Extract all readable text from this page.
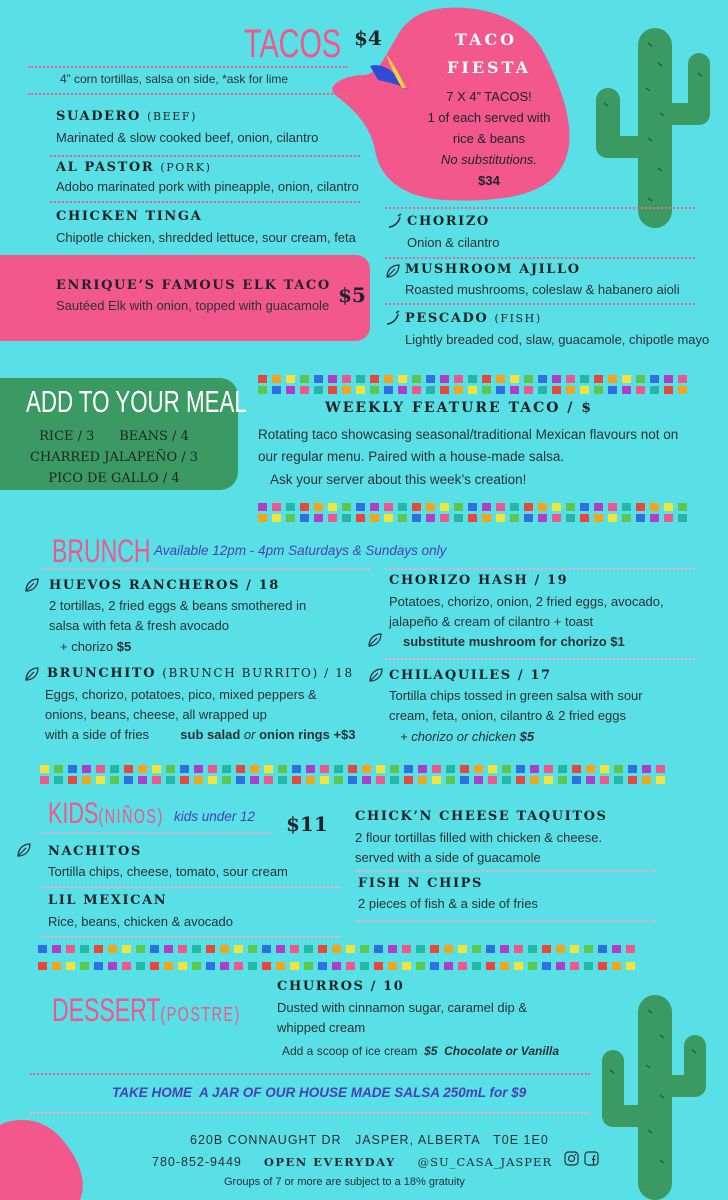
TACOS $4
4” corn tortillas, salsa on side, *ask for lime
SUADERO (BEEF)
Marinated & slow cooked beef, onion, cilantro
AL PASTOR (PORK)
Adobo marinated pork with pineapple, onion, cilantro
CHICKEN TINGA
Chipotle chicken, shredded lettuce, sour cream, feta
ENRIQUE’S FAMOUS ELK TACO
Sautéed Elk with onion, topped with guacamole $5
TACO
FIESTA
7 X 4” TACOS!
1 of each served with
rice & beans
No substitutions.
$34
CHORIZO
Onion & cilantro
MUSHROOM AJILLO
Roasted mushrooms, coleslaw & habanero aioli
PESCADO (FISH)
Lightly breaded cod, slaw, guacamole, chipotle mayo
ADD TO YOUR MEAL
RICE / 3      BEANS / 4
CHARRED JALAPEÑO / 3
PICO DE GALLO / 4
WEEKLY FEATURE TACO / $
Rotating taco showcasing seasonal/traditional Mexican flavours not on
our regular menu. Paired with a house-made salsa.
Ask your server about this week’s creation!
BRUNCH Available 12pm - 4pm Saturdays & Sundays only
HUEVOS RANCHEROS / 18
2 tortillas, 2 fried eggs & beans smothered in
salsa with feta & fresh avocado
+ chorizo $5
BRUNCHITO (BRUNCH BURRITO) / 18
Eggs, chorizo, potatoes, pico, mixed peppers &
onions, beans, cheese, all wrapped up
with a side of fries sub salad or onion rings +$3
CHORIZO HASH / 19
Potatoes, chorizo, onion, 2 fried eggs, avocado,
jalapeño & cream of cilantro + toast
substitute mushroom for chorizo $1
CHILAQUILES / 17
Tortilla chips tossed in green salsa with sour
cream, feta, onion, cilantro & 2 fried eggs
+ chorizo or chicken $5
KIDS(NIÑOS) kids under 12 $11
NACHITOS
Tortilla chips, cheese, tomato, sour cream
LIL MEXICAN
Rice, beans, chicken & avocado
CHICK’N CHEESE TAQUITOS
2 flour tortillas filled with chicken & cheese.
served with a side of guacamole
FISH N CHIPS
2 pieces of fish & a side of fries
DESSERT(POSTRE)
CHURROS / 10
Dusted with cinnamon sugar, caramel dip &
whipped cream
Add a scoop of ice cream $5 Chocolate or Vanilla
TAKE HOME  A JAR OF OUR HOUSE MADE SALSA 250mL for $9
620B CONNAUGHT DR   JASPER, ALBERTA   T0E 1E0
780-852-9449 OPEN EVERYDAY @SU_CASA_JASPER
Groups of 7 or more are subject to a 18% gratuity
